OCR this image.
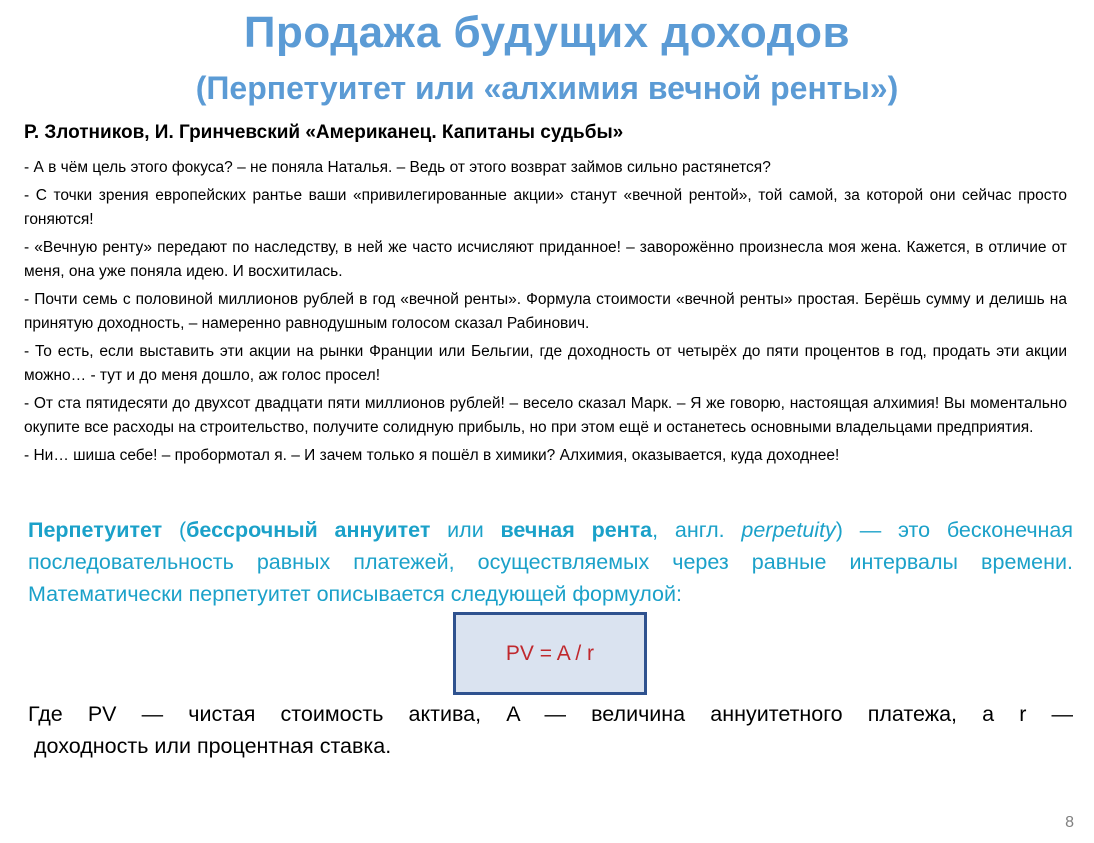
Продажа будущих доходов
(Перпетуитет или «алхимия вечной ренты»)
Р. Злотников, И. Гринчевский «Американец. Капитаны судьбы»

- А в чём цель этого фокуса? – не поняла Наталья. – Ведь от этого возврат займов сильно растянется?

- С точки зрения европейских рантье ваши «привилегированные акции» станут «вечной рентой», той самой, за которой они сейчас просто гоняются!

- «Вечную ренту» передают по наследству, в ней же часто исчисляют приданное! – заворожённо произнесла моя жена. Кажется, в отличие от меня, она уже поняла идею. И восхитилась.

- Почти семь с половиной миллионов рублей в год «вечной ренты». Формула стоимости «вечной ренты» простая. Берёшь сумму и делишь на принятую доходность, – намеренно равнодушным голосом сказал Рабинович.

- То есть, если выставить эти акции на рынки Франции или Бельгии, где доходность от четырёх до пяти процентов в год, продать эти акции можно… - тут и до меня дошло, аж голос просел!

- От ста пятидесяти до двухсот двадцати пяти миллионов рублей! – весело сказал Марк. – Я же говорю, настоящая алхимия! Вы моментально окупите все расходы на строительство, получите солидную прибыль, но при этом ещё и останетесь основными владельцами предприятия.

- Ни… шиша себе! – пробормотал я. – И зачем только я пошёл в химики? Алхимия, оказывается, куда доходнее!

Перпетуитет (бессрочный аннуитет или вечная рента, англ. perpetuity) — это бесконечная последовательность равных платежей, осуществляемых через равные интервалы времени. Математически перпетуитет описывается следующей формулой:
PV = A / r
Где PV — чистая стоимость актива, A — величина аннуитетного платежа, а r —
доходность или процентная ставка.
8
